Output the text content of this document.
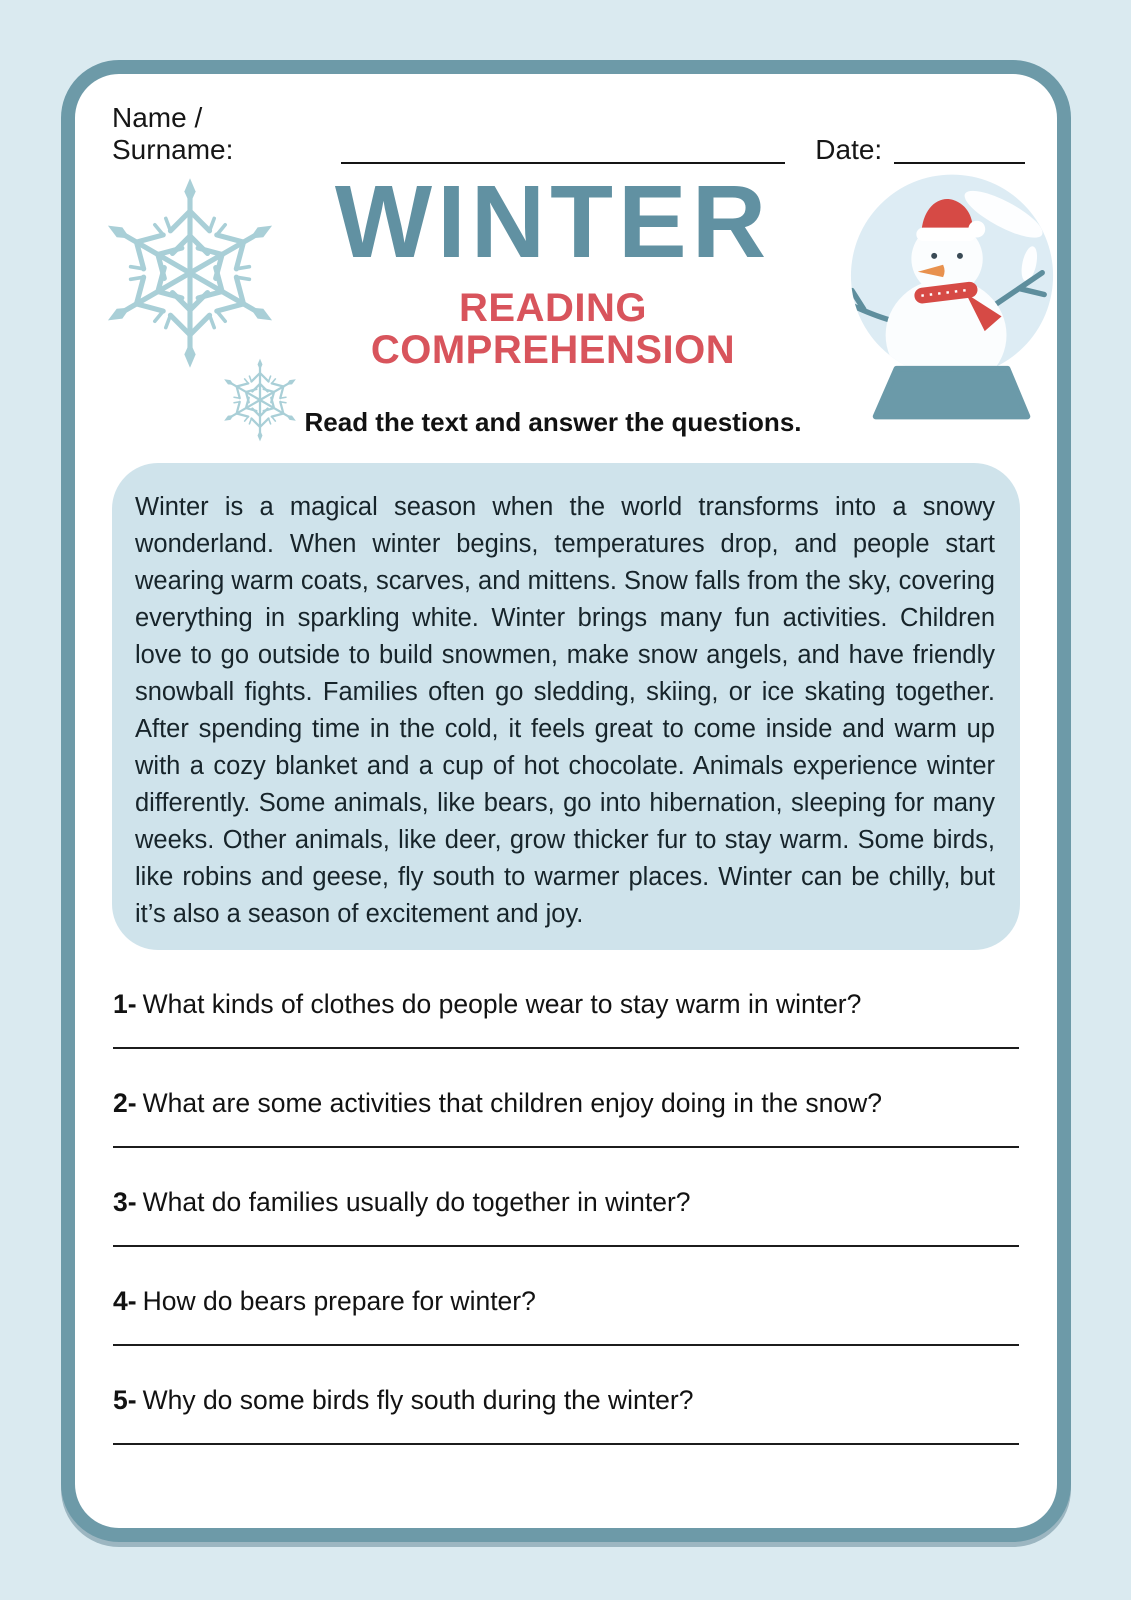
Name / Surname:	Date:
WINTER
READING COMPREHENSION

Read the text and answer the questions.

Winter is a magical season when the world transforms into a snowy wonderland. When winter begins, temperatures drop, and people start wearing warm coats, scarves, and mittens. Snow falls from the sky, covering everything in sparkling white. Winter brings many fun activities. Children love to go outside to build snowmen, make snow angels, and have friendly snowball fights. Families often go sledding, skiing, or ice skating together. After spending time in the cold, it feels great to come inside and warm up with a cozy blanket and a cup of hot chocolate. Animals experience winter differently. Some animals, like bears, go into hibernation, sleeping for many weeks. Other animals, like deer, grow thicker fur to stay warm. Some birds, like robins and geese, fly south to warmer places. Winter can be chilly, but it’s also a season of excitement and joy.

1- What kinds of clothes do people wear to stay warm in winter?
2- What are some activities that children enjoy doing in the snow?
3- What do families usually do together in winter?
4- How do bears prepare for winter?
5- Why do some birds fly south during the winter?
